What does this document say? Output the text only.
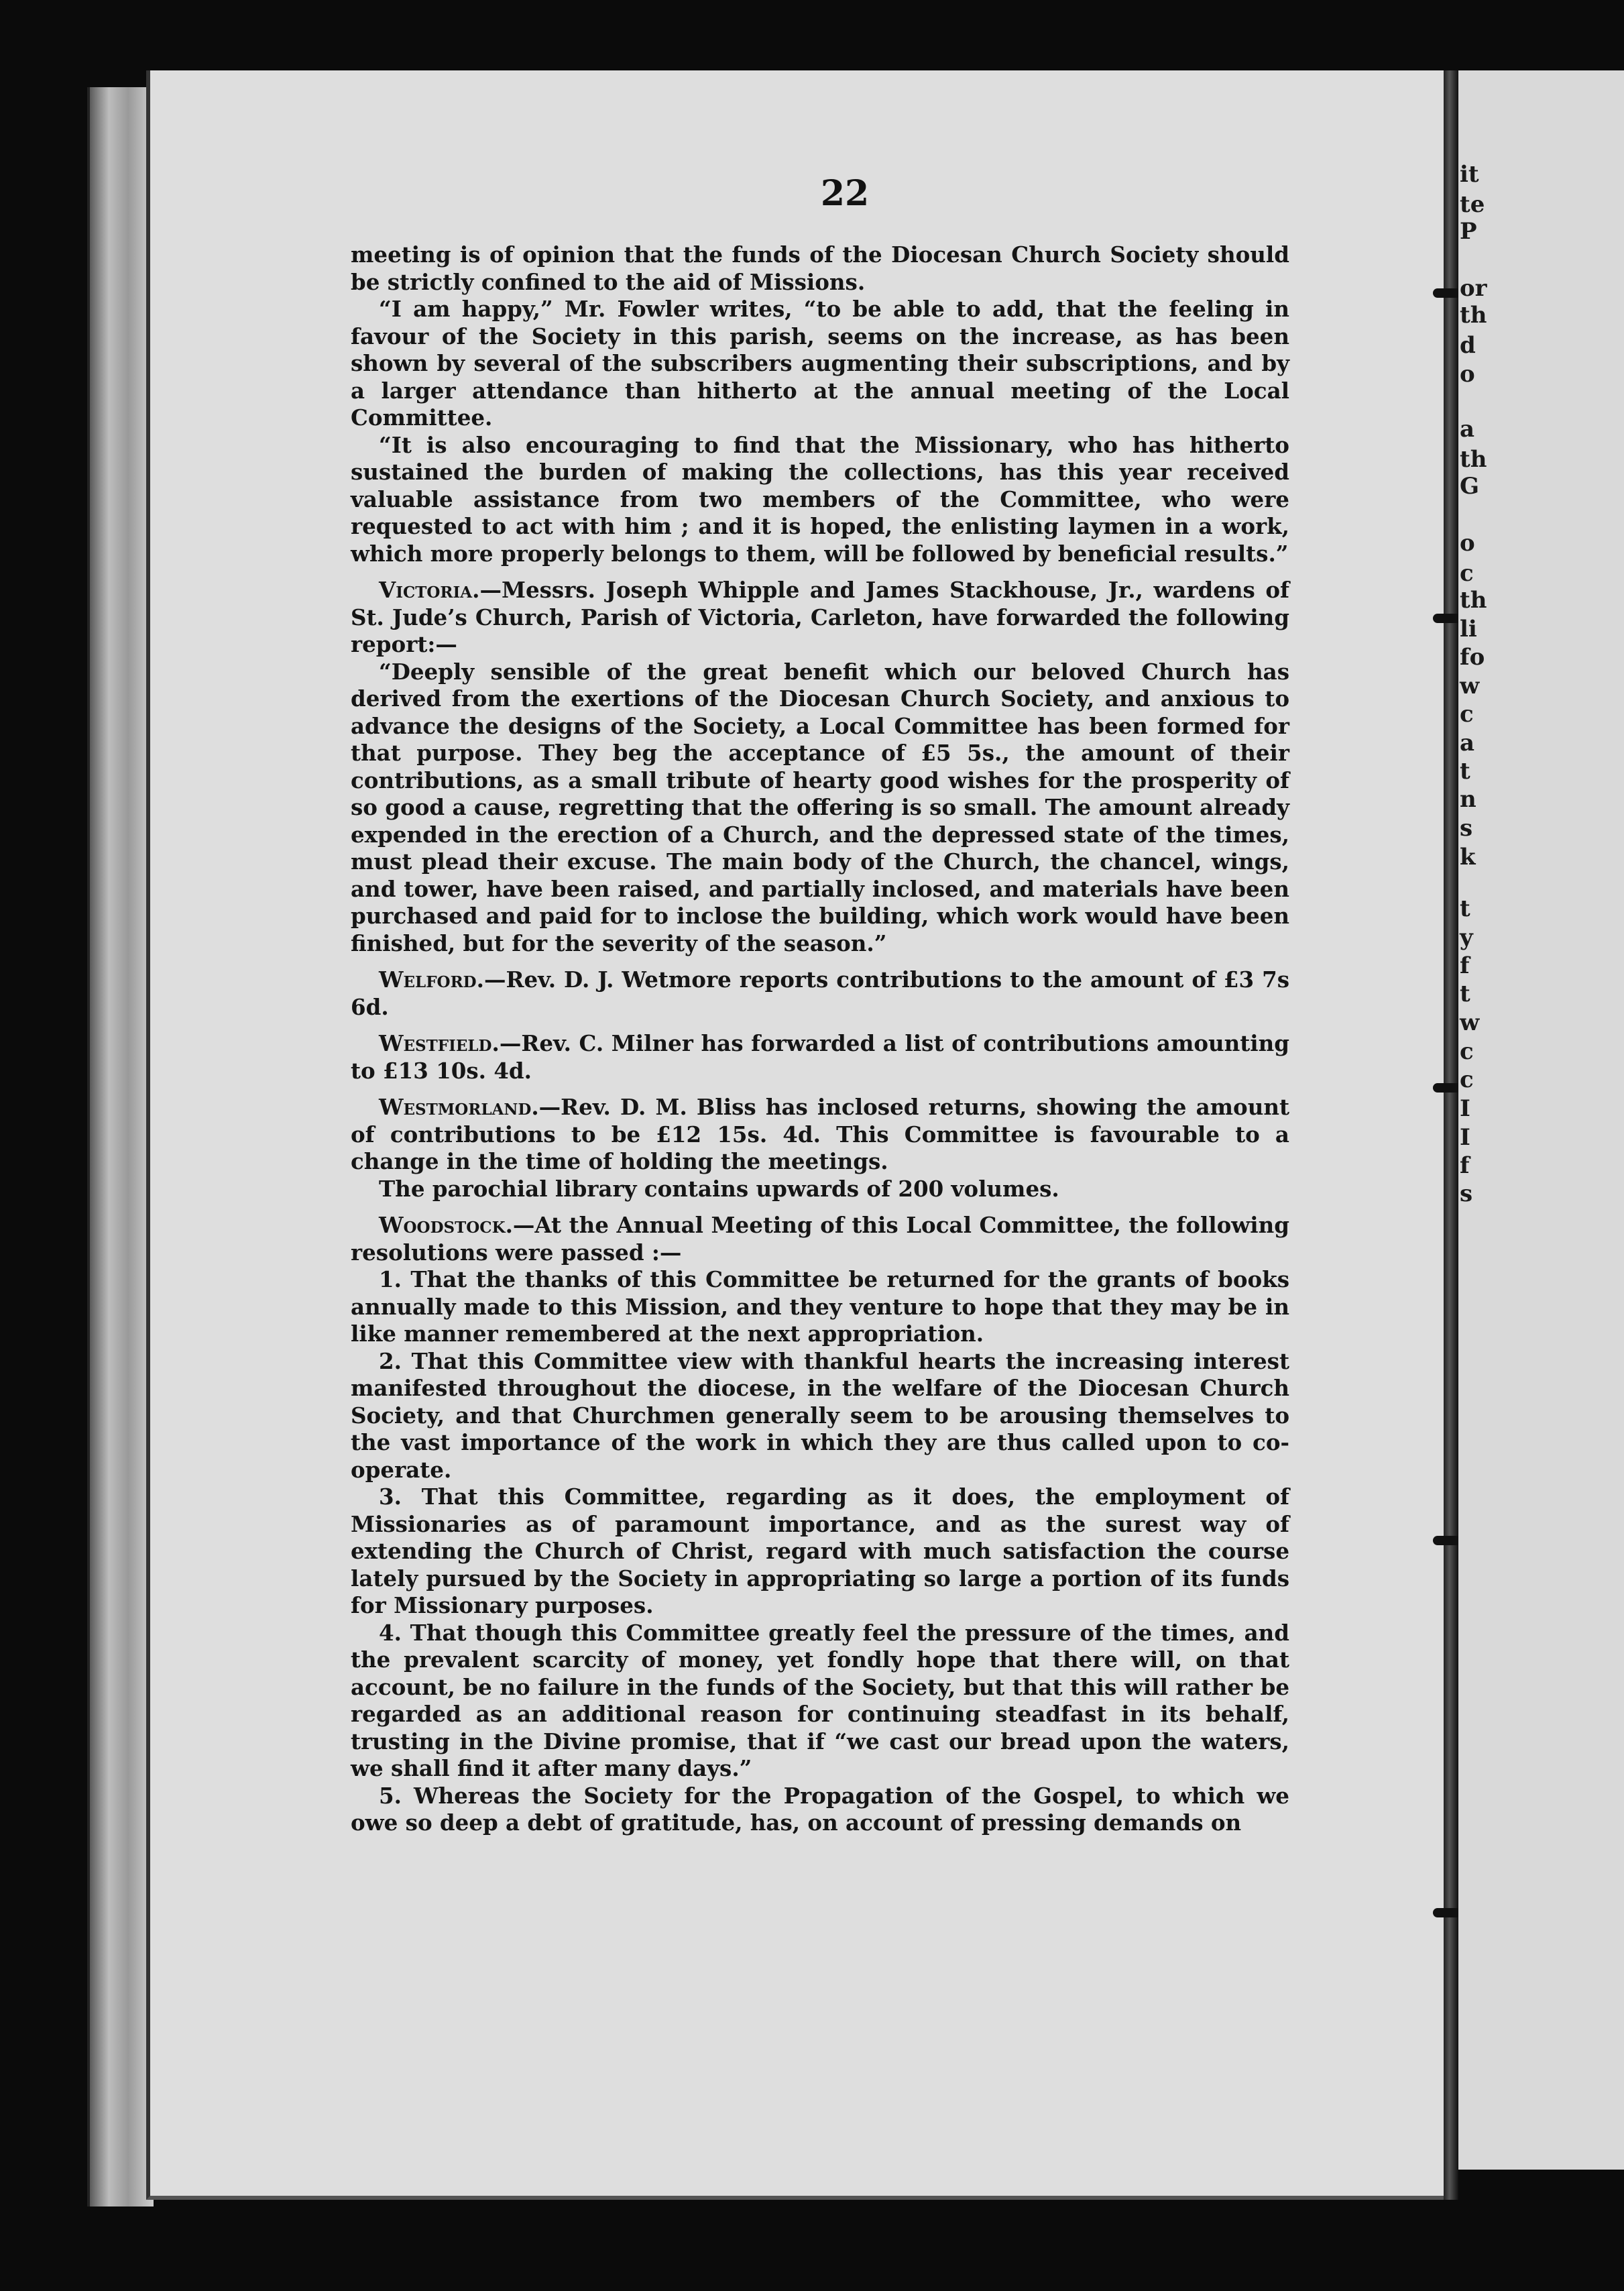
22

meeting is of opinion that the funds of the Diocesan Church Society should be strictly confined to the aid of Missions.

“I am happy,” Mr. Fowler writes, “to be able to add, that the feeling in favour of the Society in this parish, seems on the increase, as has been shown by several of the subscribers augmenting their subscriptions, and by a larger attendance than hitherto at the annual meeting of the Local Committee.

“It is also encouraging to find that the Missionary, who has hitherto sustained the burden of making the collections, has this year received valuable assistance from two members of the Committee, who were requested to act with him ; and it is hoped, the enlisting laymen in a work, which more properly belongs to them, will be followed by beneficial results.”

Victoria.—Messrs. Joseph Whipple and James Stackhouse, Jr., wardens of St. Jude’s Church, Parish of Victoria, Carleton, have forwarded the following report:—

“Deeply sensible of the great benefit which our beloved Church has derived from the exertions of the Diocesan Church Society, and anxious to advance the designs of the Society, a Local Committee has been formed for that purpose. They beg the acceptance of £5 5s., the amount of their contributions, as a small tribute of hearty good wishes for the prosperity of so good a cause, regretting that the offering is so small. The amount already expended in the erection of a Church, and the depressed state of the times, must plead their excuse. The main body of the Church, the chancel, wings, and tower, have been raised, and partially inclosed, and materials have been purchased and paid for to inclose the building, which work would have been finished, but for the severity of the season.”

Welford.—Rev. D. J. Wetmore reports contributions to the amount of £3 7s 6d.

Westfield.—Rev. C. Milner has forwarded a list of contributions amounting to £13 10s. 4d.

Westmorland.—Rev. D. M. Bliss has inclosed returns, showing the amount of contributions to be £12 15s. 4d. This Committee is favourable to a change in the time of holding the meetings.

The parochial library contains upwards of 200 volumes.

Woodstock.—At the Annual Meeting of this Local Committee, the following resolutions were passed :—

1. That the thanks of this Committee be returned for the grants of books annually made to this Mission, and they venture to hope that they may be in like manner remembered at the next appropriation.

2. That this Committee view with thankful hearts the increasing interest manifested throughout the diocese, in the welfare of the Diocesan Church Society, and that Churchmen generally seem to be arousing themselves to the vast importance of the work in which they are thus called upon to co-operate.

3. That this Committee, regarding as it does, the employment of Missionaries as of paramount importance, and as the surest way of extending the Church of Christ, regard with much satisfaction the course lately pursued by the Society in appropriating so large a portion of its funds for Missionary purposes.

4. That though this Committee greatly feel the pressure of the times, and the prevalent scarcity of money, yet fondly hope that there will, on that account, be no failure in the funds of the Society, but that this will rather be regarded as an additional reason for continuing steadfast in its behalf, trusting in the Divine promise, that if “we cast our bread upon the waters, we shall find it after many days.”

5. Whereas the Society for the Propagation of the Gospel, to which we owe so deep a debt of gratitude, has, on account of pressing demands on

it
te
P
or
th
d
o
a
th
G
o
c
th
li
fo
w
c
a
t
n
s
k
t
y
f
t
w
c
c
I
I
f
s
